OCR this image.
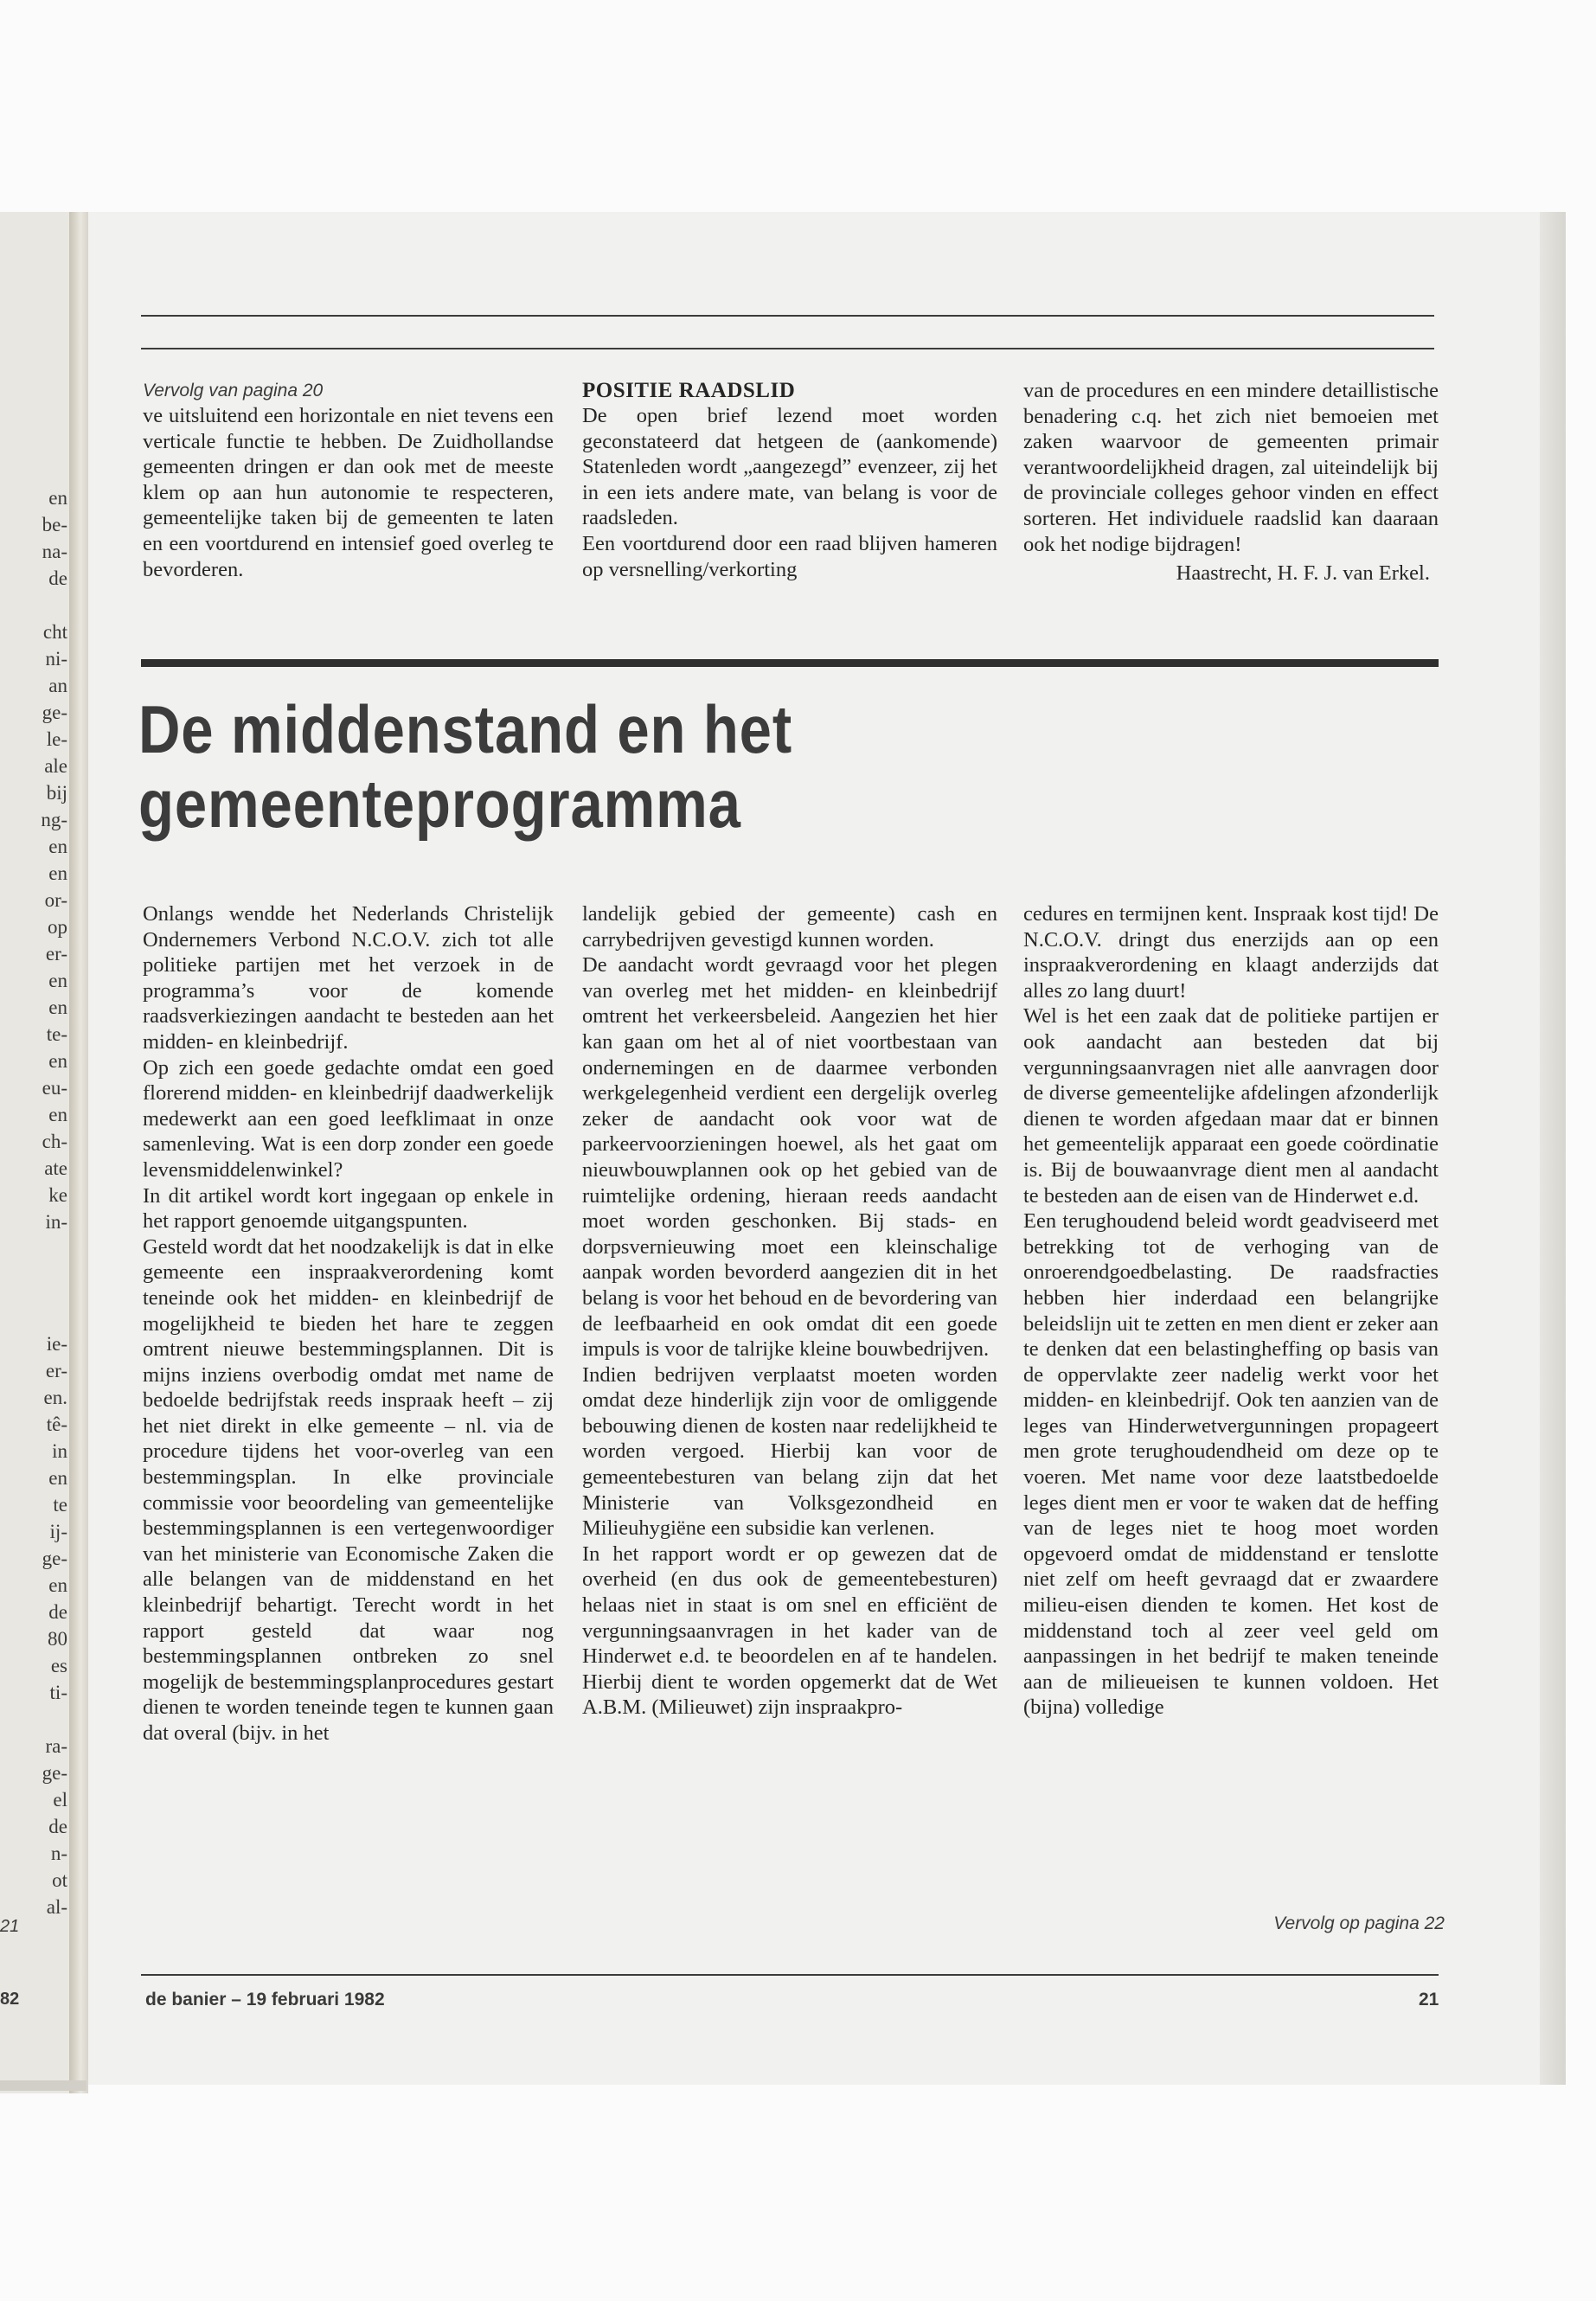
en
be-
na-
de
cht
ni-
an
ge-
le-
ale
bij
ng-
en
en
or-
op
er-
en
en
te-
en
eu-
en
ch-
ate
ke
in-
ie-
er-
en.
tê-
in
en
te
ij-
ge-
en
de
80
es
ti-
ra-
ge-
el
de
n-
ot
al-
21
82
Vervolg van pagina 20

ve uitsluitend een horizontale en niet tevens een verticale functie te hebben. De Zuidhollandse gemeenten dringen er dan ook met de meeste klem op aan hun autonomie te respecteren, gemeentelijke taken bij de gemeenten te laten en een voortdurend en intensief goed overleg te bevorderen.

POSITIE RAADSLID

De open brief lezend moet worden geconstateerd dat hetgeen de (aankomende) Statenleden wordt „aangezegd” evenzeer, zij het in een iets andere mate, van belang is voor de raadsleden.
Een voortdurend door een raad blijven hameren op versnelling/verkorting

van de procedures en een mindere detaillistische benadering c.q. het zich niet bemoeien met zaken waarvoor de gemeenten primair verantwoordelijkheid dragen, zal uiteindelijk bij de provinciale colleges gehoor vinden en effect sorteren. Het individuele raadslid kan daaraan ook het nodige bijdragen!

Haastrecht, H. F. J. van Erkel.

De middenstand en het gemeenteprogramma

Onlangs wendde het Nederlands Christelijk Ondernemers Verbond N.C.O.V. zich tot alle politieke partijen met het verzoek in de programma’s voor de komende raadsverkiezingen aandacht te besteden aan het midden- en kleinbedrijf.
Op zich een goede gedachte omdat een goed florerend midden- en kleinbedrijf daadwerkelijk medewerkt aan een goed leefklimaat in onze samenleving. Wat is een dorp zonder een goede levensmiddelenwinkel?
In dit artikel wordt kort ingegaan op enkele in het rapport genoemde uitgangspunten.
Gesteld wordt dat het noodzakelijk is dat in elke gemeente een inspraakverordening komt teneinde ook het midden- en kleinbedrijf de mogelijkheid te bieden het hare te zeggen omtrent nieuwe bestemmingsplannen. Dit is mijns inziens overbodig omdat met name de bedoelde bedrijfstak reeds inspraak heeft – zij het niet direkt in elke gemeente – nl. via de procedure tijdens het voor-overleg van een bestemmingsplan. In elke provinciale commissie voor beoordeling van gemeentelijke bestemmingsplannen is een vertegenwoordiger van het ministerie van Economische Zaken die alle belangen van de middenstand en het kleinbedrijf behartigt. Terecht wordt in het rapport gesteld dat waar nog bestemmingsplannen ontbreken zo snel mogelijk de bestemmingsplanprocedures gestart dienen te worden teneinde tegen te kunnen gaan dat overal (bijv. in het

landelijk gebied der gemeente) cash en carrybedrijven gevestigd kunnen worden.
De aandacht wordt gevraagd voor het plegen van overleg met het midden- en kleinbedrijf omtrent het verkeersbeleid. Aangezien het hier kan gaan om het al of niet voortbestaan van ondernemingen en de daarmee verbonden werkgelegenheid verdient een dergelijk overleg zeker de aandacht ook voor wat de parkeervoorzieningen hoewel, als het gaat om nieuwbouwplannen ook op het gebied van de ruimtelijke ordening, hieraan reeds aandacht moet worden geschonken. Bij stads- en dorpsvernieuwing moet een kleinschalige aanpak worden bevorderd aangezien dit in het belang is voor het behoud en de bevordering van de leefbaarheid en ook omdat dit een goede impuls is voor de talrijke kleine bouwbedrijven.
Indien bedrijven verplaatst moeten worden omdat deze hinderlijk zijn voor de omliggende bebouwing dienen de kosten naar redelijkheid te worden vergoed. Hierbij kan voor de gemeentebesturen van belang zijn dat het Ministerie van Volksgezondheid en Milieuhygiëne een subsidie kan verlenen.
In het rapport wordt er op gewezen dat de overheid (en dus ook de gemeentebesturen) helaas niet in staat is om snel en efficiënt de vergunningsaanvragen in het kader van de Hinderwet e.d. te beoordelen en af te handelen. Hierbij dient te worden opgemerkt dat de Wet A.B.M. (Milieuwet) zijn inspraakpro-

cedures en termijnen kent. Inspraak kost tijd! De N.C.O.V. dringt dus enerzijds aan op een inspraakverordening en klaagt anderzijds dat alles zo lang duurt!
Wel is het een zaak dat de politieke partijen er ook aandacht aan besteden dat bij vergunningsaanvragen niet alle aanvragen door de diverse gemeentelijke afdelingen afzonderlijk dienen te worden afgedaan maar dat er binnen het gemeentelijk apparaat een goede coördinatie is. Bij de bouwaanvrage dient men al aandacht te besteden aan de eisen van de Hinderwet e.d.
Een terughoudend beleid wordt geadviseerd met betrekking tot de verhoging van de onroerendgoedbelasting. De raadsfracties hebben hier inderdaad een belangrijke beleidslijn uit te zetten en men dient er zeker aan te denken dat een belastingheffing op basis van de oppervlakte zeer nadelig werkt voor het midden- en kleinbedrijf. Ook ten aanzien van de leges van Hinderwetvergunningen propageert men grote terughoudendheid om deze op te voeren. Met name voor deze laatstbedoelde leges dient men er voor te waken dat de heffing van de leges niet te hoog moet worden opgevoerd omdat de middenstand er tenslotte niet zelf om heeft gevraagd dat er zwaardere milieu-eisen dienden te komen. Het kost de middenstand toch al zeer veel geld om aanpassingen in het bedrijf te maken teneinde aan de milieueisen te kunnen voldoen. Het (bijna) volledige

Vervolg op pagina 22
de banier – 19 februari 1982	21
